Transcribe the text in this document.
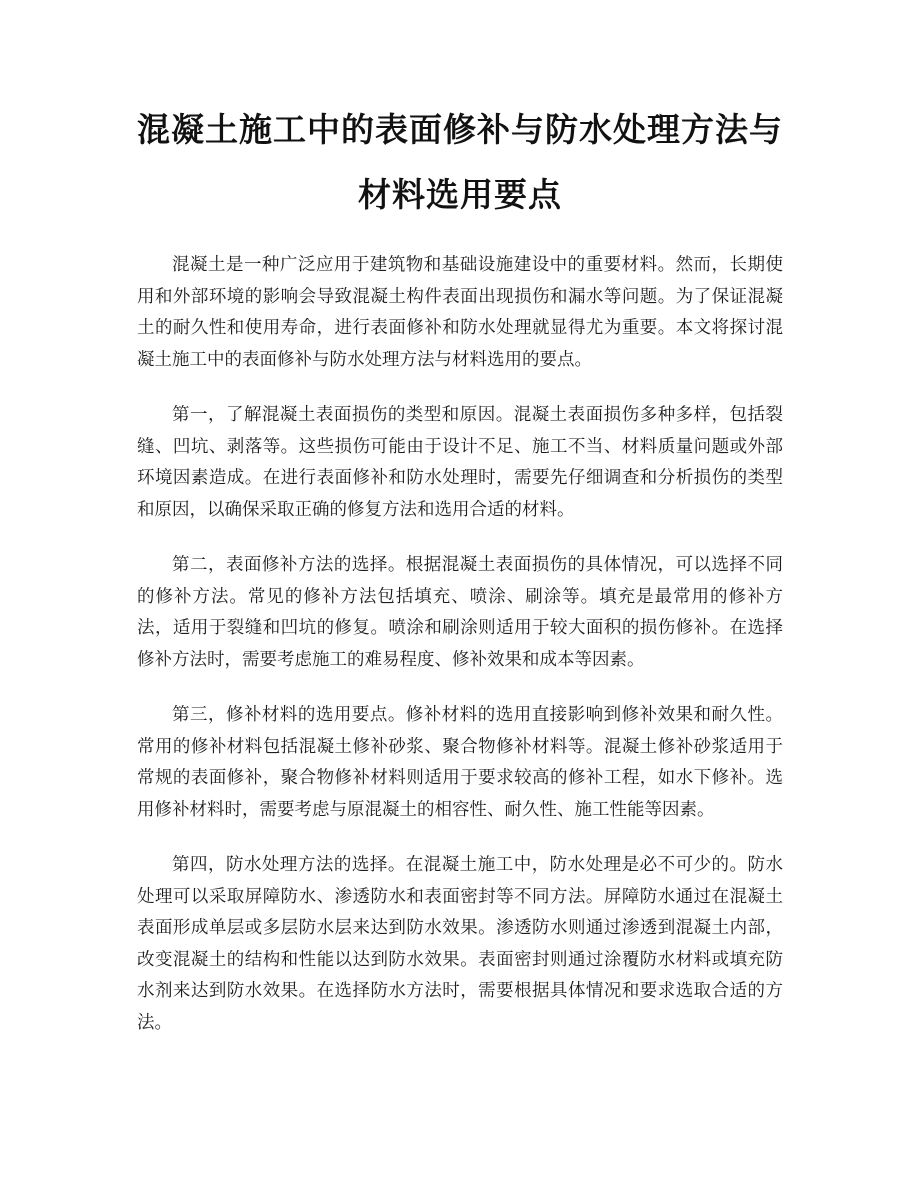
混凝土施工中的表面修补与防水处理方法与
材料选用要点

混凝土是一种广泛应用于建筑物和基础设施建设中的重要材料。然而，长期使用和外部环境的影响会导致混凝土构件表面出现损伤和漏水等问题。为了保证混凝土的耐久性和使用寿命，进行表面修补和防水处理就显得尤为重要。本文将探讨混凝土施工中的表面修补与防水处理方法与材料选用的要点。

第一，了解混凝土表面损伤的类型和原因。混凝土表面损伤多种多样，包括裂缝、凹坑、剥落等。这些损伤可能由于设计不足、施工不当、材料质量问题或外部环境因素造成。在进行表面修补和防水处理时，需要先仔细调查和分析损伤的类型和原因，以确保采取正确的修复方法和选用合适的材料。

第二，表面修补方法的选择。根据混凝土表面损伤的具体情况，可以选择不同的修补方法。常见的修补方法包括填充、喷涂、刷涂等。填充是最常用的修补方法，适用于裂缝和凹坑的修复。喷涂和刷涂则适用于较大面积的损伤修补。在选择修补方法时，需要考虑施工的难易程度、修补效果和成本等因素。

第三，修补材料的选用要点。修补材料的选用直接影响到修补效果和耐久性。常用的修补材料包括混凝土修补砂浆、聚合物修补材料等。混凝土修补砂浆适用于常规的表面修补，聚合物修补材料则适用于要求较高的修补工程，如水下修补。选用修补材料时，需要考虑与原混凝土的相容性、耐久性、施工性能等因素。

第四，防水处理方法的选择。在混凝土施工中，防水处理是必不可少的。防水处理可以采取屏障防水、渗透防水和表面密封等不同方法。屏障防水通过在混凝土表面形成单层或多层防水层来达到防水效果。渗透防水则通过渗透到混凝土内部，改变混凝土的结构和性能以达到防水效果。表面密封则通过涂覆防水材料或填充防水剂来达到防水效果。在选择防水方法时，需要根据具体情况和要求选取合适的方法。
